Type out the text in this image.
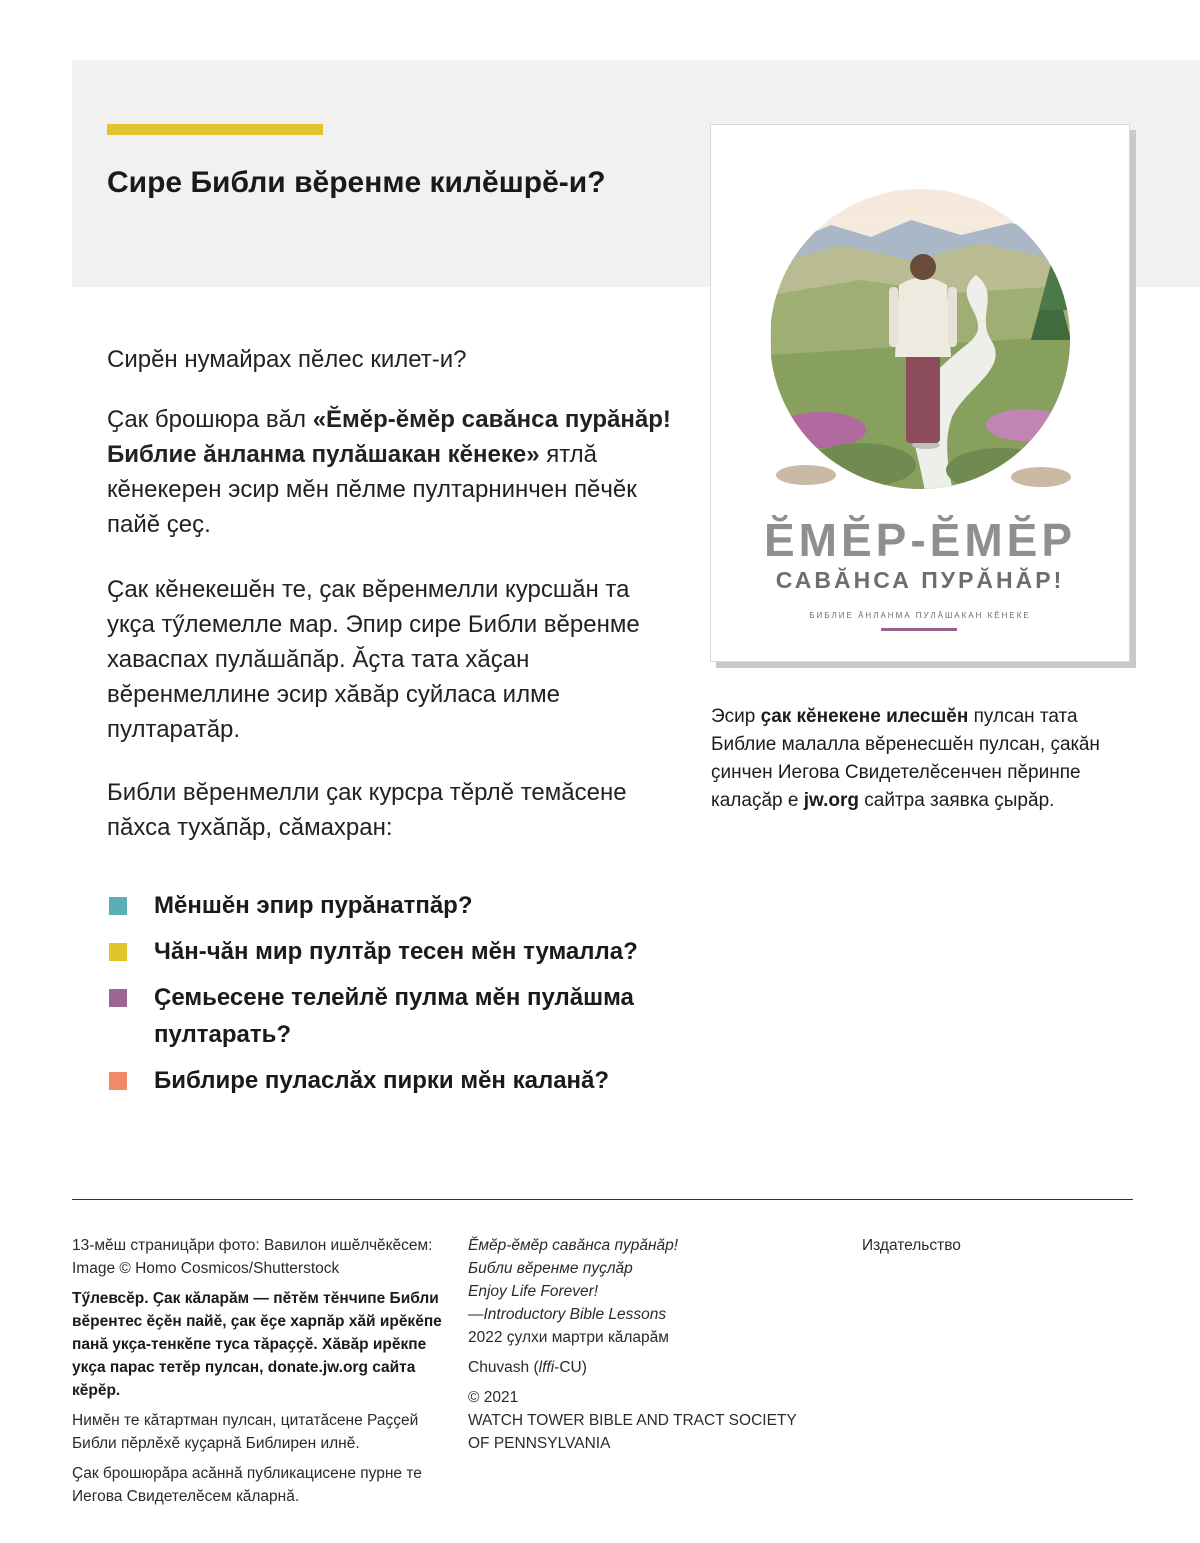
Сире Библи вӗренме килӗшрӗ-и?

Сирӗн нумайрах пӗлес килет-и?

Ҫак брошюра вӑл «Ӗмӗр-ӗмӗр савӑнса пурӑнӑр! Библие ӑнланма пулӑшакан кӗнеке» ятлӑ кӗнекерен эсир мӗн пӗлме пултарнинчен пӗчӗк пайӗ ҫеҫ.

Ҫак кӗнекешӗн те, ҫак вӗренмелли курсшӑн та укҫа тӳлемелле мар. Эпир сире Библи вӗренме хаваспах пулӑшӑпӑр. Ӑҫта тата хӑҫан вӗренмеллине эсир хӑвӑр суйласа илме пултаратӑр.

Библи вӗренмелли ҫак курсра тӗрлӗ темӑсене пӑхса тухӑпӑр, сӑмахран:

Мӗншӗн эпир пурӑнатпӑр?
Чӑн-чӑн мир пултӑр тесен мӗн тумалла?
Ҫемьесене телейлӗ пулма мӗн пулӑшма пултарать?
Библире пуласлӑх пирки мӗн каланӑ?
ӖМӖР-ӖМӖР
САВӐНСА ПУРӐНӐР!
БИБЛИЕ ӐНЛАНМА ПУЛӐШАКАН КӖНЕКЕ

Эсир ҫак кӗнекене илесшӗн пулсан тата Библие малалла вӗренесшӗн пулсан, ҫакӑн ҫинчен Иегова Свидетелӗсенчен пӗринпе калаҫӑр е jw.org сайтра заявка ҫырӑр.

13-мӗш страницӑри фото: Вавилон ишӗлчӗкӗсем: Image © Homo Cosmicos/Shutterstock

Тӳлевсӗр. Ҫак кӑларӑм — пӗтӗм тӗнчипе Библи вӗрентес ӗҫӗн пайӗ, ҫак ӗҫе харпӑр хӑй ирӗкӗпе панӑ укҫа-тенкӗпе туса тӑраҫҫӗ. Хӑвӑр ирӗкпе укҫа парас тетӗр пулсан, donate.jw.org сайта кӗрӗр.

Нимӗн те кӑтартман пулсан, цитатӑсене Раҫҫей Библи пӗрлӗхӗ куҫарнӑ Библирен илнӗ.

Ҫак брошюрӑра асӑннӑ публикацисене пурне те Иегова Свидетелӗсем кӑларнӑ.

Ӗмӗр-ӗмӗр савӑнса пурӑнӑр!
Библи вӗренме пуҫлӑр
Enjoy Life Forever!
—Introductory Bible Lessons
2022 ҫулхи мартри кӑларӑм

Chuvash (lffi-CU)

© 2021
WATCH TOWER BIBLE AND TRACT SOCIETY
OF PENNSYLVANIA

Издательство
